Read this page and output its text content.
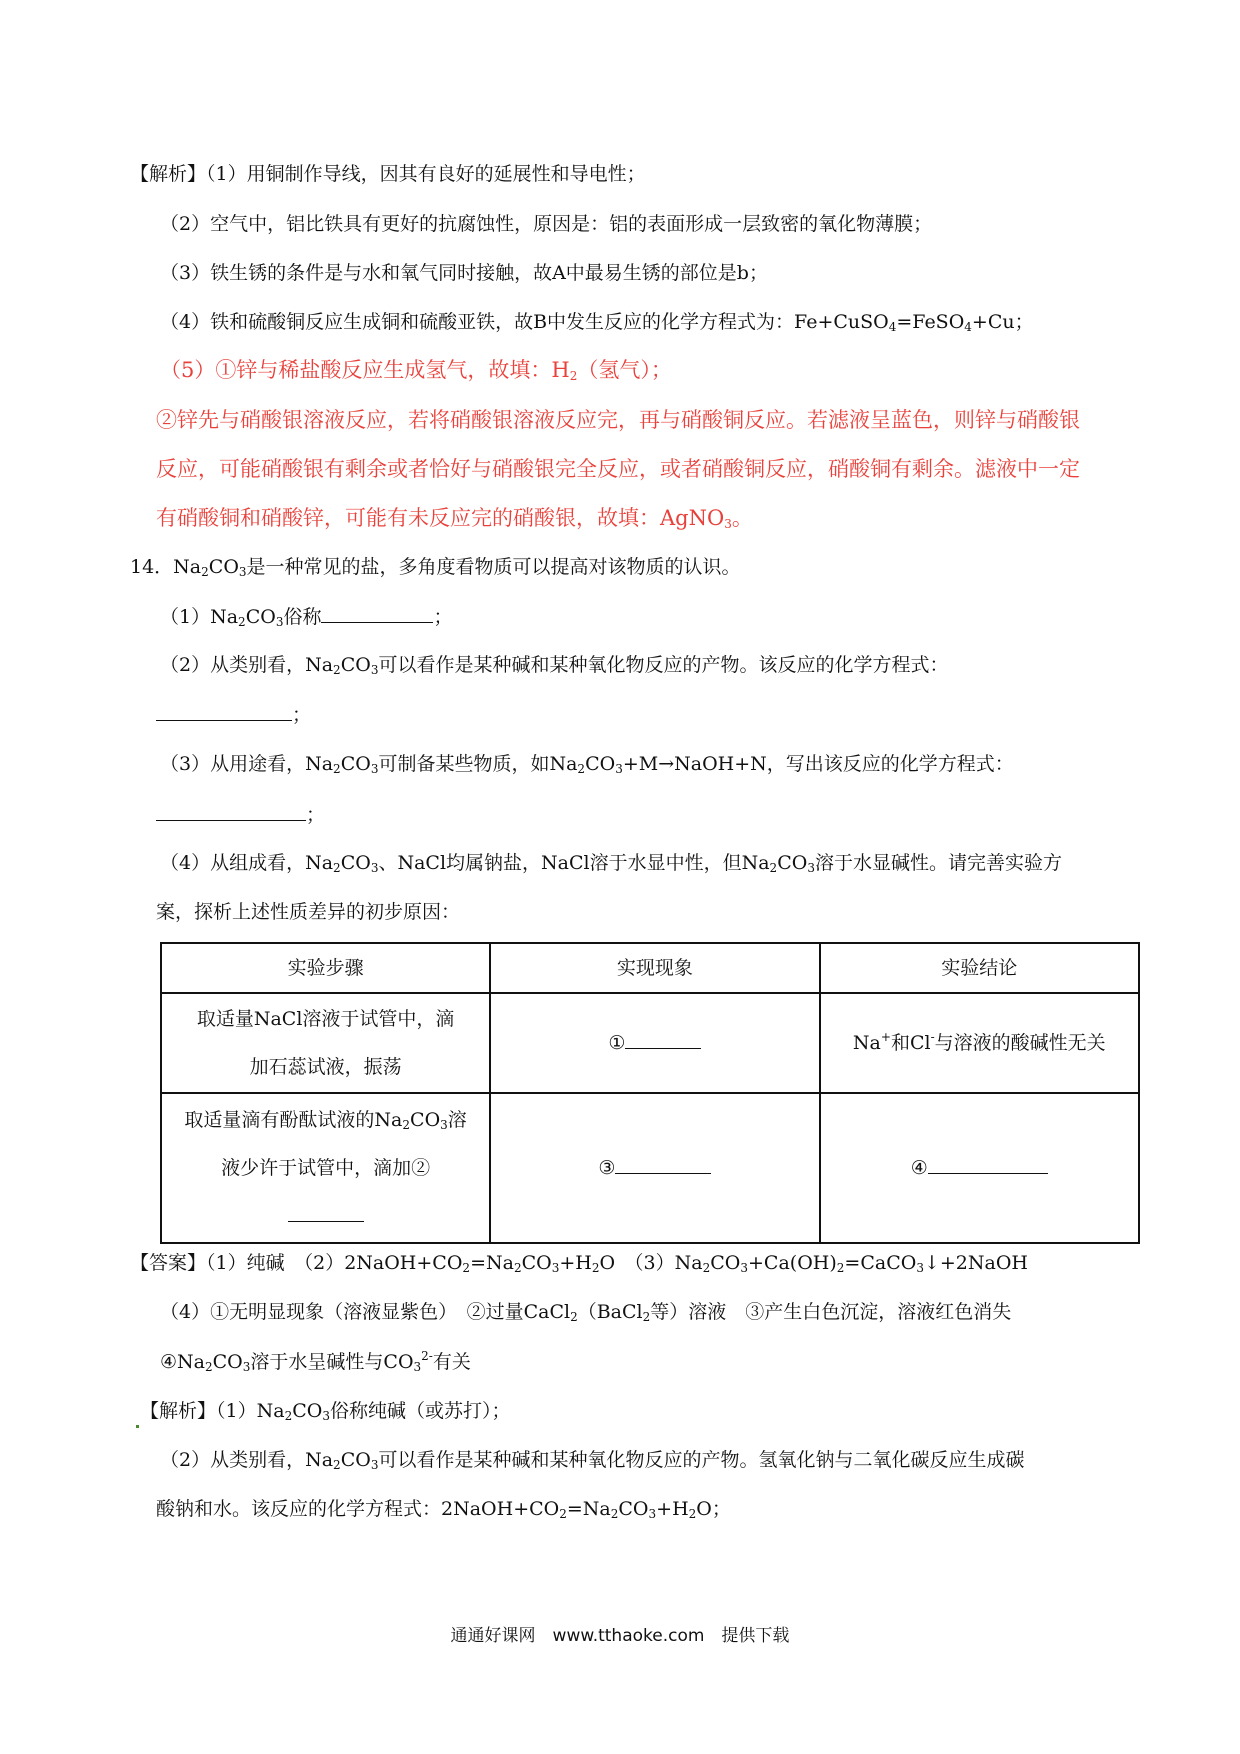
【解析】（1）用铜制作导线，因其有良好的延展性和导电性；
（2）空气中，铝比铁具有更好的抗腐蚀性，原因是：铝的表面形成一层致密的氧化物薄膜；
（3）铁生锈的条件是与水和氧气同时接触，故A中最易生锈的部位是b；
（4）铁和硫酸铜反应生成铜和硫酸亚铁，故B中发生反应的化学方程式为：Fe+CuSO$_4$=FeSO$_4$+Cu；
（5）①锌与稀盐酸反应生成氢气，故填：$H_2$（氢气）；
②锌先与硝酸银溶液反应，若将硝酸银溶液反应完，再与硝酸铜反应。若滤液呈蓝色，则锌与硝酸银
反应，可能硝酸银有剩余或者恰好与硝酸银完全反应，或者硝酸铜反应，硝酸铜有剩余。滤液中一定
有硝酸铜和硝酸锌，可能有未反应完的硝酸银，故填：AgNO$_3$。
14．$Na_2CO_3$是一种常见的盐，多角度看物质可以提高对该物质的认识。
$(1)Na_2CO_3$俗称	；
（2）从类别看，$Na_2CO_3$可以看作是某种碱和某种氧化物反应的产物。该反应的化学方程式：
；
（3）从用途看，$Na_2CO_3$可制备某些物质，如$Na_2CO_3+M\to NaOH+N$，写出该反应的化学方程式：
；
（4）从组成看，$Na_2CO_3$、NaCl均属钠盐，NaCl溶于水显中性，但$Na_2CO_3$溶于水显碱性。请完善实验方
案，探析上述性质差异的初步原因：
实验步骤	实现现象	实验结论

取适量NaCl溶液于试管中，滴
加石蕊试液，振荡	①	Na+和Cl-与溶液的酸碱性无关

取适量滴有酚酞试液的$Na_2CO_3$溶
液少许于试管中，滴加②	③	④
【答案】（1）纯碱　$(2)2NaOH+CO_2=Na_2CO_3+H_2O$　$(3)Na_2CO_3+Ca(OH)_2=CaCO_3↓+2NaOH$
（4）①无明显现象（溶液显紫色）　②过量CaCl$_2$（BaCl$_2$等）溶液　③产生白色沉淀，溶液红色消失
$④Na_2CO_3$溶于水呈碱性与$CO_3^{2-}$有关
【解析】$(1)Na_2CO_3$俗称纯碱（或苏打）；
（2）从类别看，$Na_2CO_3$可以看作是某种碱和某种氧化物反应的产物。氢氧化钠与二氧化碳反应生成碳
酸钠和水。该反应的化学方程式：$2NaOH+CO_2=Na_2CO_3+H_2O$；
通通好课网　www.tthaoke.com　提供下载
